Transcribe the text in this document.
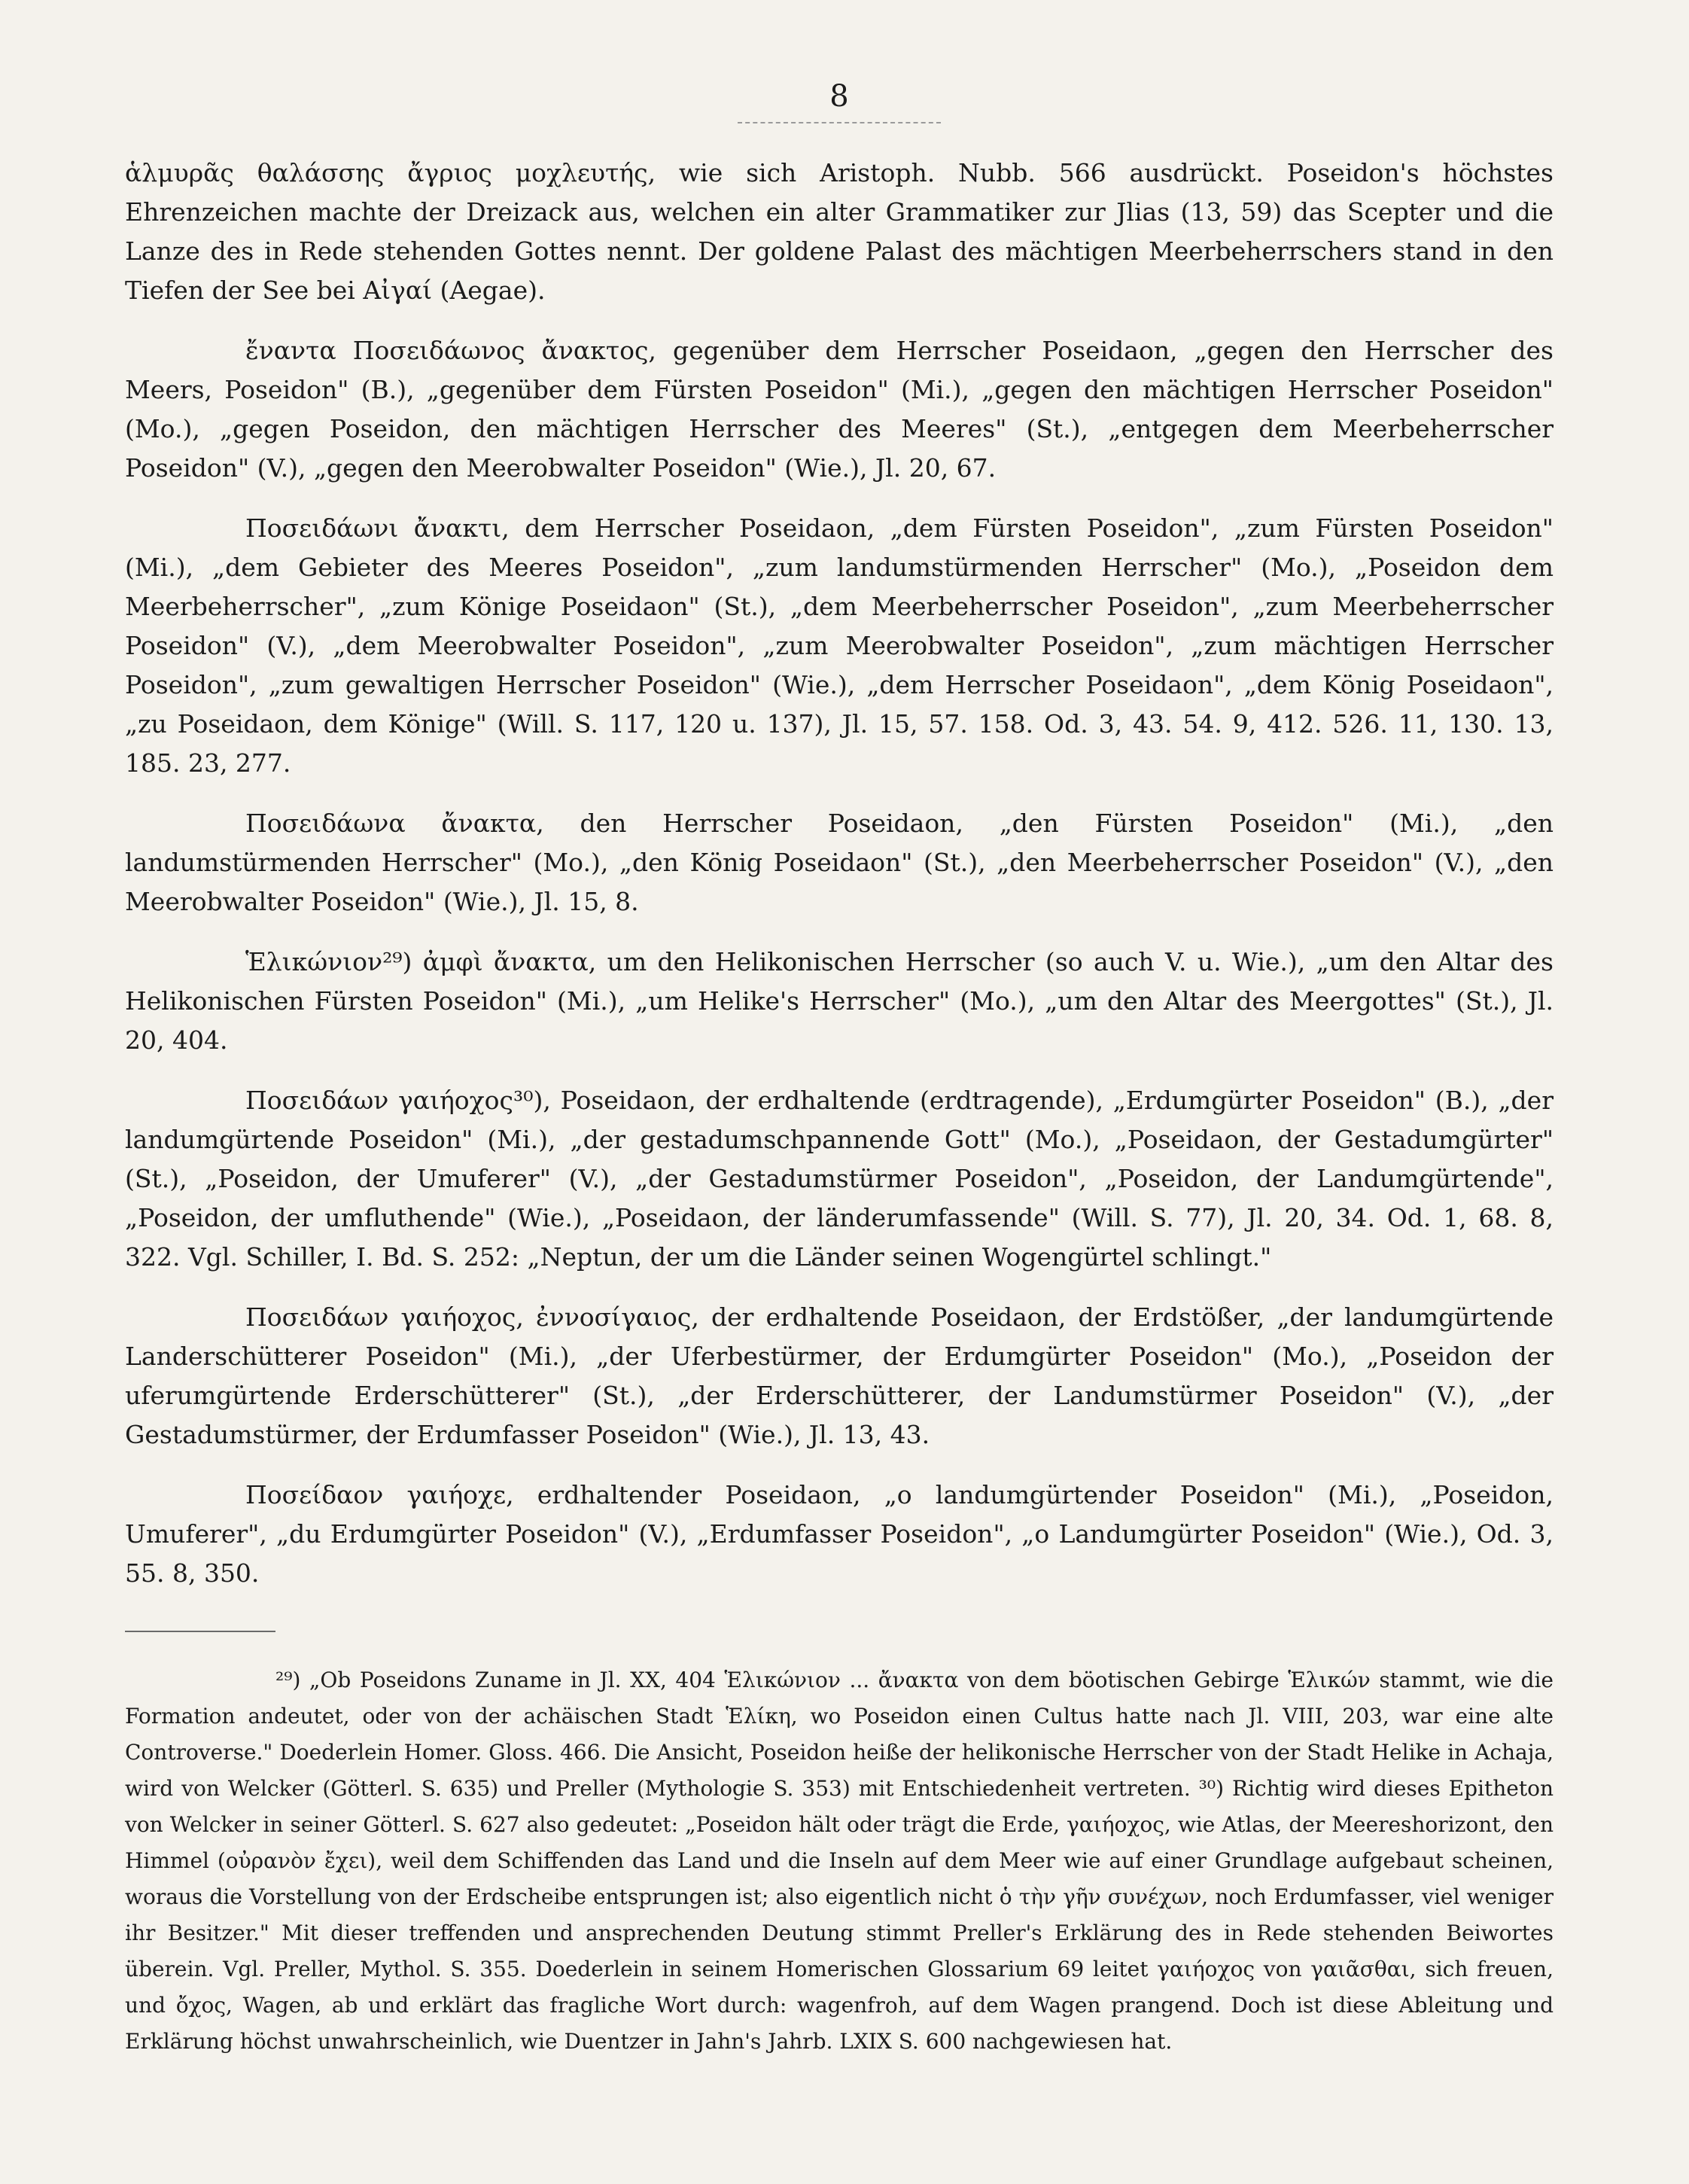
8

ἁλμυρᾶς θαλάσσης ἄγριος μοχλευτής, wie sich Aristoph. Nubb. 566 ausdrückt. Poseidon's höchstes Ehrenzeichen machte der Dreizack aus, welchen ein alter Grammatiker zur Jlias (13, 59) das Scepter und die Lanze des in Rede stehenden Gottes nennt. Der goldene Palast des mächtigen Meerbeherrschers stand in den Tiefen der See bei Αἰγαί (Aegae).

ἔναντα Ποσειδάωνος ἄνακτος, gegenüber dem Herrscher Poseidaon, „gegen den Herrscher des Meers, Poseidon" (B.), „gegenüber dem Fürsten Poseidon" (Mi.), „gegen den mächtigen Herrscher Poseidon" (Mo.), „gegen Poseidon, den mächtigen Herrscher des Meeres" (St.), „entgegen dem Meerbeherrscher Poseidon" (V.), „gegen den Meerobwalter Poseidon" (Wie.), Jl. 20, 67.

Ποσειδάωνι ἄνακτι, dem Herrscher Poseidaon, „dem Fürsten Poseidon", „zum Fürsten Poseidon" (Mi.), „dem Gebieter des Meeres Poseidon", „zum landumstürmenden Herrscher" (Mo.), „Poseidon dem Meerbeherrscher", „zum Könige Poseidaon" (St.), „dem Meerbeherrscher Poseidon", „zum Meerbeherrscher Poseidon" (V.), „dem Meerobwalter Poseidon", „zum Meerobwalter Poseidon", „zum mächtigen Herrscher Poseidon", „zum gewaltigen Herrscher Poseidon" (Wie.), „dem Herrscher Poseidaon", „dem König Poseidaon", „zu Poseidaon, dem Könige" (Will. S. 117, 120 u. 137), Jl. 15, 57. 158. Od. 3, 43. 54. 9, 412. 526. 11, 130. 13, 185. 23, 277.

Ποσειδάωνα ἄνακτα, den Herrscher Poseidaon, „den Fürsten Poseidon" (Mi.), „den landumstürmenden Herrscher" (Mo.), „den König Poseidaon" (St.), „den Meerbeherrscher Poseidon" (V.), „den Meerobwalter Poseidon" (Wie.), Jl. 15, 8.

Ἑλικώνιον²⁹) ἀμφὶ ἄνακτα, um den Helikonischen Herrscher (so auch V. u. Wie.), „um den Altar des Helikonischen Fürsten Poseidon" (Mi.), „um Helike's Herrscher" (Mo.), „um den Altar des Meergottes" (St.), Jl. 20, 404.

Ποσειδάων γαιήοχος³⁰), Poseidaon, der erdhaltende (erdtragende), „Erdumgürter Poseidon" (B.), „der landumgürtende Poseidon" (Mi.), „der gestadumschpannende Gott" (Mo.), „Poseidaon, der Gestadumgürter" (St.), „Poseidon, der Umuferer" (V.), „der Gestadumstürmer Poseidon", „Poseidon, der Landumgürtende", „Poseidon, der umfluthende" (Wie.), „Poseidaon, der länderumfassende" (Will. S. 77), Jl. 20, 34. Od. 1, 68. 8, 322. Vgl. Schiller, I. Bd. S. 252: „Neptun, der um die Länder seinen Wogengürtel schlingt."

Ποσειδάων γαιήοχος, ἐννοσίγαιος, der erdhaltende Poseidaon, der Erdstößer, „der landumgürtende Landerschütterer Poseidon" (Mi.), „der Uferbestürmer, der Erdumgürter Poseidon" (Mo.), „Poseidon der uferumgürtende Erderschütterer" (St.), „der Erderschütterer, der Landumstürmer Poseidon" (V.), „der Gestadumstürmer, der Erdumfasser Poseidon" (Wie.), Jl. 13, 43.

Ποσείδαον γαιήοχε, erdhaltender Poseidaon, „o landumgürtender Poseidon" (Mi.), „Poseidon, Umuferer", „du Erdumgürter Poseidon" (V.), „Erdumfasser Poseidon", „o Landumgürter Poseidon" (Wie.), Od. 3, 55. 8, 350.

²⁹) „Ob Poseidons Zuname in Jl. XX, 404 Ἑλικώνιον ... ἄνακτα von dem böotischen Gebirge Ἑλικών stammt, wie die Formation andeutet, oder von der achäischen Stadt Ἑλίκη, wo Poseidon einen Cultus hatte nach Jl. VIII, 203, war eine alte Controverse." Doederlein Homer. Gloss. 466. Die Ansicht, Poseidon heiße der helikonische Herrscher von der Stadt Helike in Achaja, wird von Welcker (Götterl. S. 635) und Preller (Mythologie S. 353) mit Entschiedenheit vertreten. ³⁰) Richtig wird dieses Epitheton von Welcker in seiner Götterl. S. 627 also gedeutet: „Poseidon hält oder trägt die Erde, γαιήοχος, wie Atlas, der Meereshorizont, den Himmel (οὐρανὸν ἔχει), weil dem Schiffenden das Land und die Inseln auf dem Meer wie auf einer Grundlage aufgebaut scheinen, woraus die Vorstellung von der Erdscheibe entsprungen ist; also eigentlich nicht ὁ τὴν γῆν συνέχων, noch Erdumfasser, viel weniger ihr Besitzer." Mit dieser treffenden und ansprechenden Deutung stimmt Preller's Erklärung des in Rede stehenden Beiwortes überein. Vgl. Preller, Mythol. S. 355. Doederlein in seinem Homerischen Glossarium 69 leitet γαιήοχος von γαιᾶσθαι, sich freuen, und ὄχος, Wagen, ab und erklärt das fragliche Wort durch: wagenfroh, auf dem Wagen prangend. Doch ist diese Ableitung und Erklärung höchst unwahrscheinlich, wie Duentzer in Jahn's Jahrb. LXIX S. 600 nachgewiesen hat.
